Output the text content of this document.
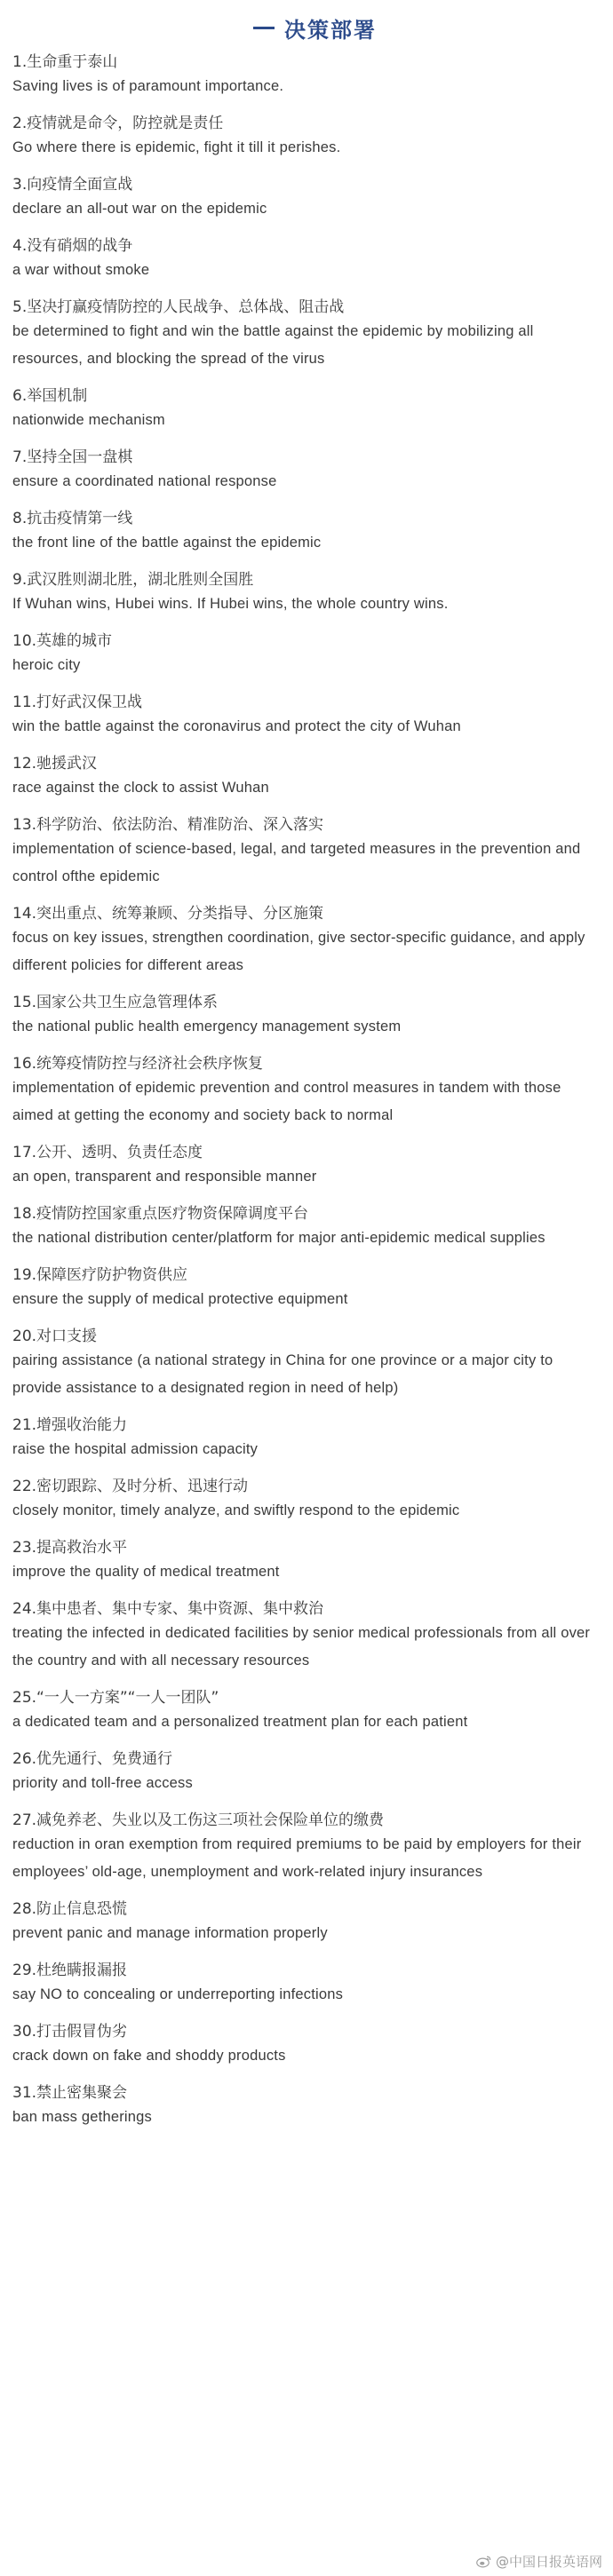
决策部署
1.生命重于泰山
Saving lives is of paramount importance.
2.疫情就是命令，防控就是责任
Go where there is epidemic, fight it till it perishes.
3.向疫情全面宣战
declare an all-out war on the epidemic
4.没有硝烟的战争
a war without smoke
5.坚决打赢疫情防控的人民战争、总体战、阻击战
be determined to fight and win the battle against the epidemic by mobilizing all resources, and blocking the spread of the virus
6.举国机制
nationwide mechanism
7.坚持全国一盘棋
ensure a coordinated national response
8.抗击疫情第一线
the front line of the battle against the epidemic
9.武汉胜则湖北胜，湖北胜则全国胜
If Wuhan wins, Hubei wins. If Hubei wins, the whole country wins.
10.英雄的城市
heroic city
11.打好武汉保卫战
win the battle against the coronavirus and protect the city of Wuhan
12.驰援武汉
race against the clock to assist Wuhan
13.科学防治、依法防治、精准防治、深入落实
implementation of science-based, legal, and targeted measures in the prevention and control ofthe epidemic
14.突出重点、统筹兼顾、分类指导、分区施策
focus on key issues, strengthen coordination, give sector-specific guidance, and apply different policies for different areas
15.国家公共卫生应急管理体系
the national public health emergency management system
16.统筹疫情防控与经济社会秩序恢复
implementation of epidemic prevention and control measures in tandem with those aimed at getting the economy and society back to normal
17.公开、透明、负责任态度
an open, transparent and responsible manner
18.疫情防控国家重点医疗物资保障调度平台
the national distribution center/platform for major anti-epidemic medical supplies
19.保障医疗防护物资供应
ensure the supply of medical protective equipment
20.对口支援
pairing assistance (a national strategy in China for one province or a major city to provide assistance to a designated region in need of help)
21.增强收治能力
raise the hospital admission capacity
22.密切跟踪、及时分析、迅速行动
closely monitor, timely analyze, and swiftly respond to the epidemic
23.提高救治水平
improve the quality of medical treatment
24.集中患者、集中专家、集中资源、集中救治
treating the infected in dedicated facilities by senior medical professionals from all over the country and with all necessary resources
25.“一人一方案”“一人一团队”
a dedicated team and a personalized treatment plan for each patient
26.优先通行、免费通行
priority and toll-free access
27.减免养老、失业以及工伤这三项社会保险单位的缴费
reduction in oran exemption from required premiums to be paid by employers for their employees’ old-age, unemployment and work-related injury insurances
28.防止信息恐慌
prevent panic and manage information properly
29.杜绝瞒报漏报
say NO to concealing or underreporting infections
30.打击假冒伪劣
crack down on fake and shoddy products
31.禁止密集聚会
ban mass getherings
@中国日报英语网
